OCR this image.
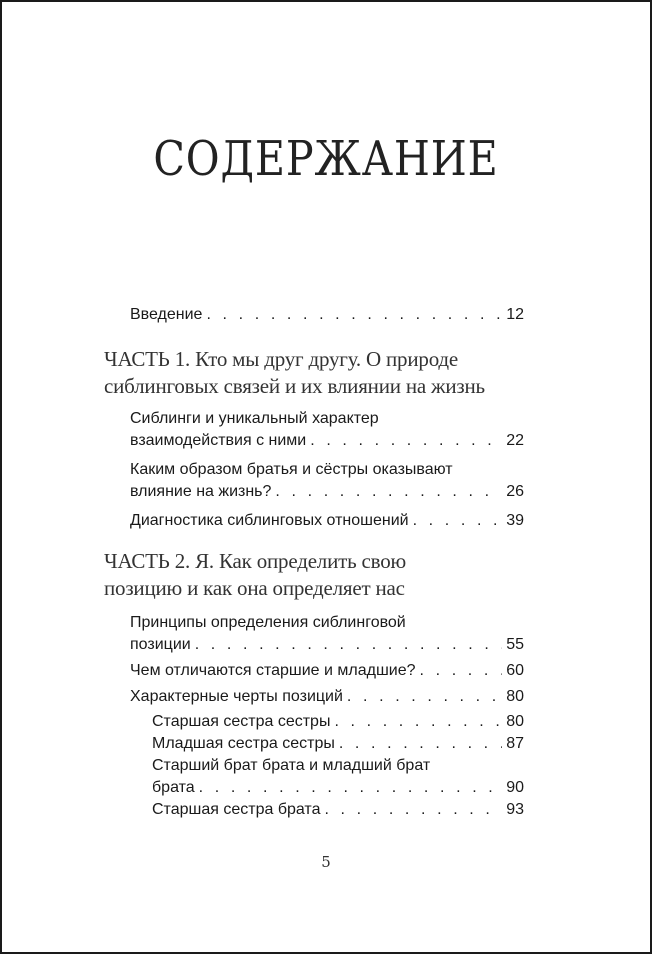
СОДЕРЖАНИЕ
Введение . . .	12
ЧАСТЬ 1. Кто мы друг другу. О природе
сиблинговых связей и их влиянии на жизнь
Сиблинги и уникальный характер
взаимодействия с ними . . .	22
Каким образом братья и сёстры оказывают
влияние на жизнь? . . .	26
Диагностика сиблинговых отношений . . .	39
ЧАСТЬ 2. Я. Как определить свою
позицию и как она определяет нас
Принципы определения сиблинговой
позиции . . .	55
Чем отличаются старшие и младшие? . . .	60
Характерные черты позиций . . .	80
Старшая сестра сестры . . .	80
Младшая сестра сестры . . .	87
Старший брат брата и младший брат
брата . . .	90
Старшая сестра брата . . .	93
5
